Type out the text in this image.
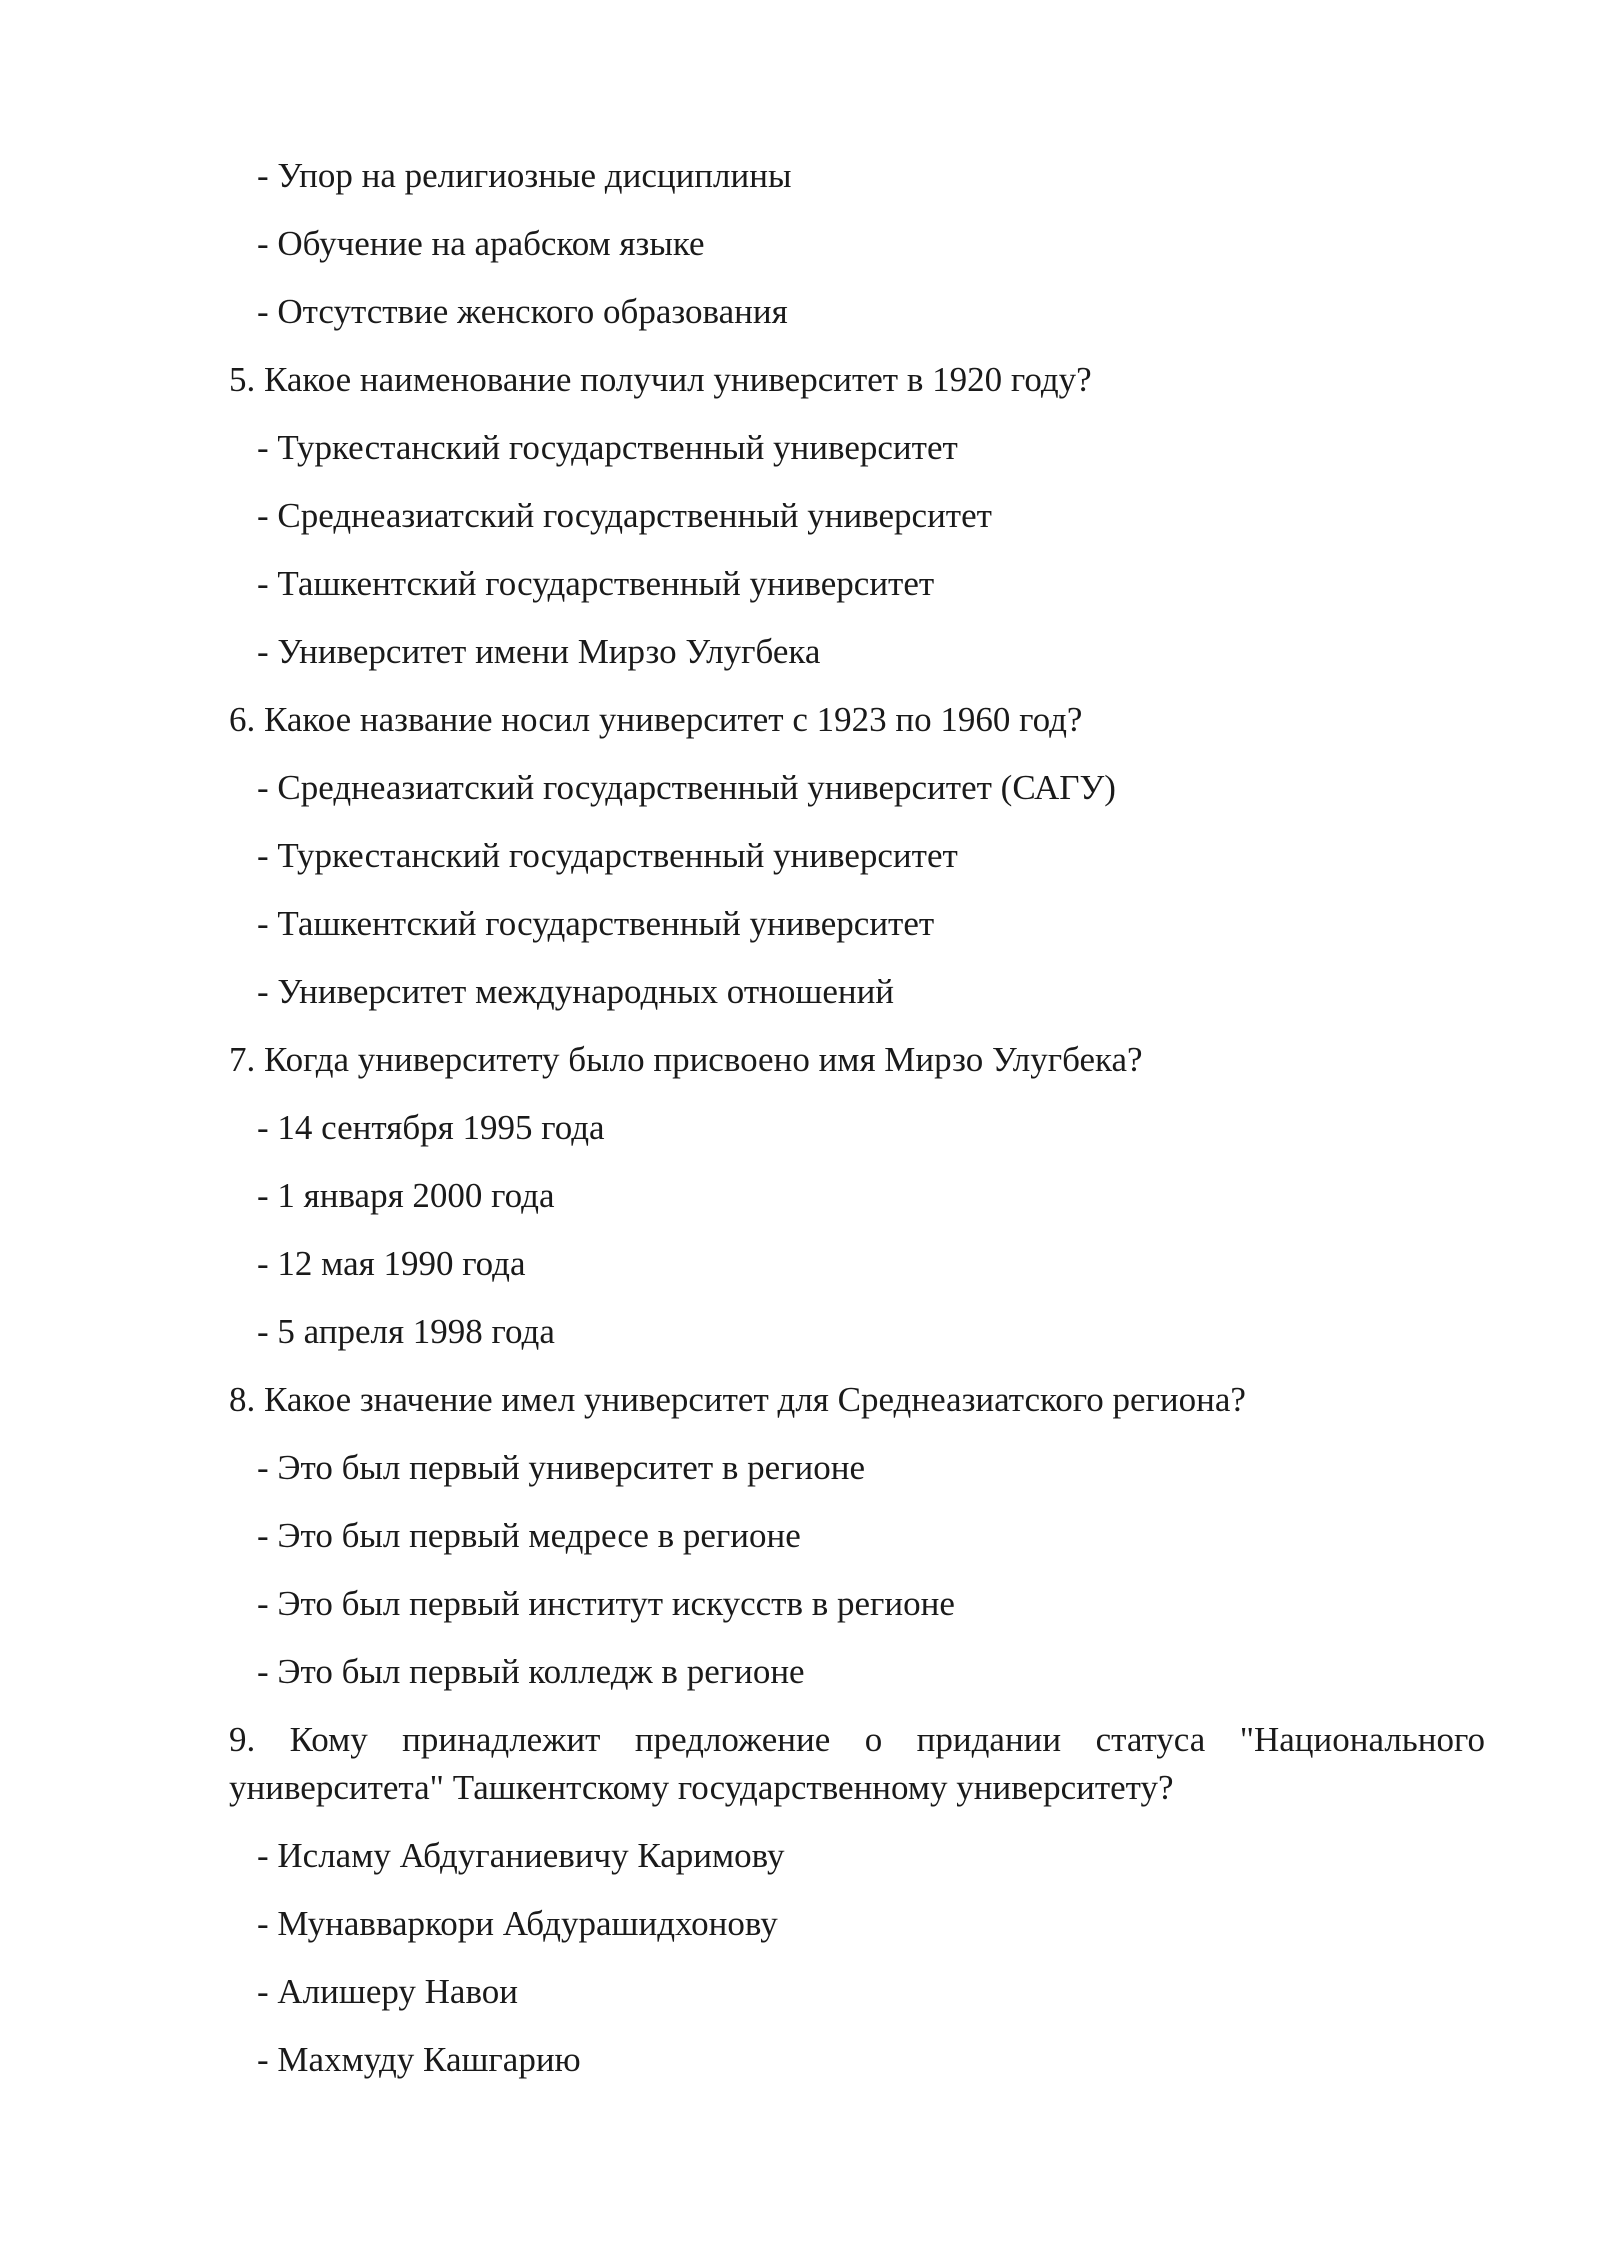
- Упор на религиозные дисциплины
- Обучение на арабском языке
- Отсутствие женского образования
5. Какое наименование получил университет в 1920 году?
- Туркестанский государственный университет
- Среднеазиатский государственный университет
- Ташкентский государственный университет
- Университет имени Мирзо Улугбека
6. Какое название носил университет с 1923 по 1960 год?
- Среднеазиатский государственный университет (САГУ)
- Туркестанский государственный университет
- Ташкентский государственный университет
- Университет международных отношений
7. Когда университету было присвоено имя Мирзо Улугбека?
- 14 сентября 1995 года
- 1 января 2000 года
- 12 мая 1990 года
- 5 апреля 1998 года
8. Какое значение имел университет для Среднеазиатского региона?
- Это был первый университет в регионе
- Это был первый медресе в регионе
- Это был первый институт искусств в регионе
- Это был первый колледж в регионе
9. Кому принадлежит предложение о придании статуса "Национального университета" Ташкентскому государственному университету?
- Исламу Абдуганиевичу Каримову
- Мунавваркори Абдурашидхонову
- Алишеру Навои
- Махмуду Кашгарию
